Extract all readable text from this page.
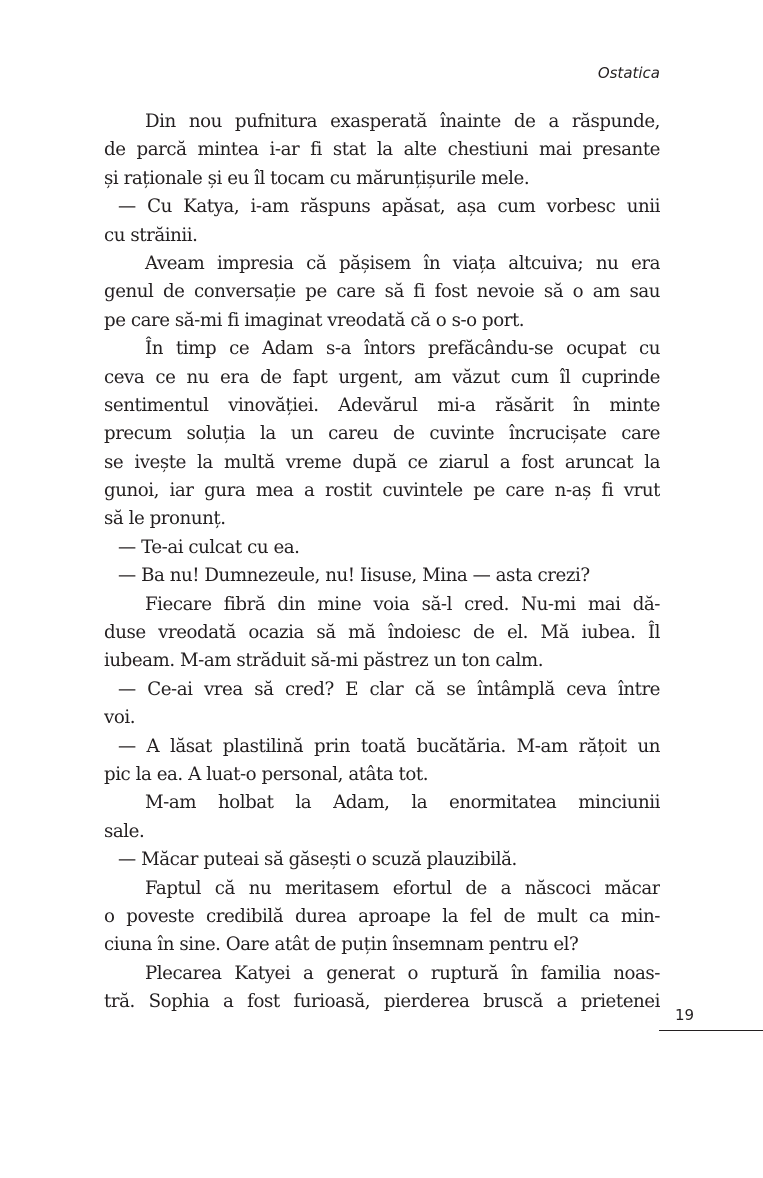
Ostatica
Din nou pufnitura exasperată înainte de a răspunde,
de parcă mintea i-ar fi stat la alte chestiuni mai presante
și raționale și eu îl tocam cu mărunțișurile mele.
— Cu Katya, i-am răspuns apăsat, așa cum vorbesc unii
cu străinii.
Aveam impresia că pășisem în viața altcuiva; nu era
genul de conversație pe care să fi fost nevoie să o am sau
pe care să-mi fi imaginat vreodată că o s-o port.
În timp ce Adam s-a întors prefăcându-se ocupat cu
ceva ce nu era de fapt urgent, am văzut cum îl cuprinde
sentimentul vinovăției. Adevărul mi-a răsărit în minte
precum soluția la un careu de cuvinte încrucișate care
se ivește la multă vreme după ce ziarul a fost aruncat la
gunoi, iar gura mea a rostit cuvintele pe care n-aș fi vrut
să le pronunț.
— Te-ai culcat cu ea.
— Ba nu! Dumnezeule, nu! Iisuse, Mina — asta crezi?
Fiecare fibră din mine voia să-l cred. Nu-mi mai dă-
duse vreodată ocazia să mă îndoiesc de el. Mă iubea. Îl
iubeam. M-am străduit să-mi păstrez un ton calm.
— Ce-ai vrea să cred? E clar că se întâmplă ceva între
voi.
— A lăsat plastilină prin toată bucătăria. M-am rățoit un
pic la ea. A luat-o personal, atâta tot.
M-am holbat la Adam, la enormitatea minciunii
sale.
— Măcar puteai să găsești o scuză plauzibilă.
Faptul că nu meritasem efortul de a născoci măcar
o poveste credibilă durea aproape la fel de mult ca min-
ciuna în sine. Oare atât de puțin însemnam pentru el?
Plecarea Katyei a generat o ruptură în familia noas-
tră. Sophia a fost furioasă, pierderea bruscă a prietenei
19
